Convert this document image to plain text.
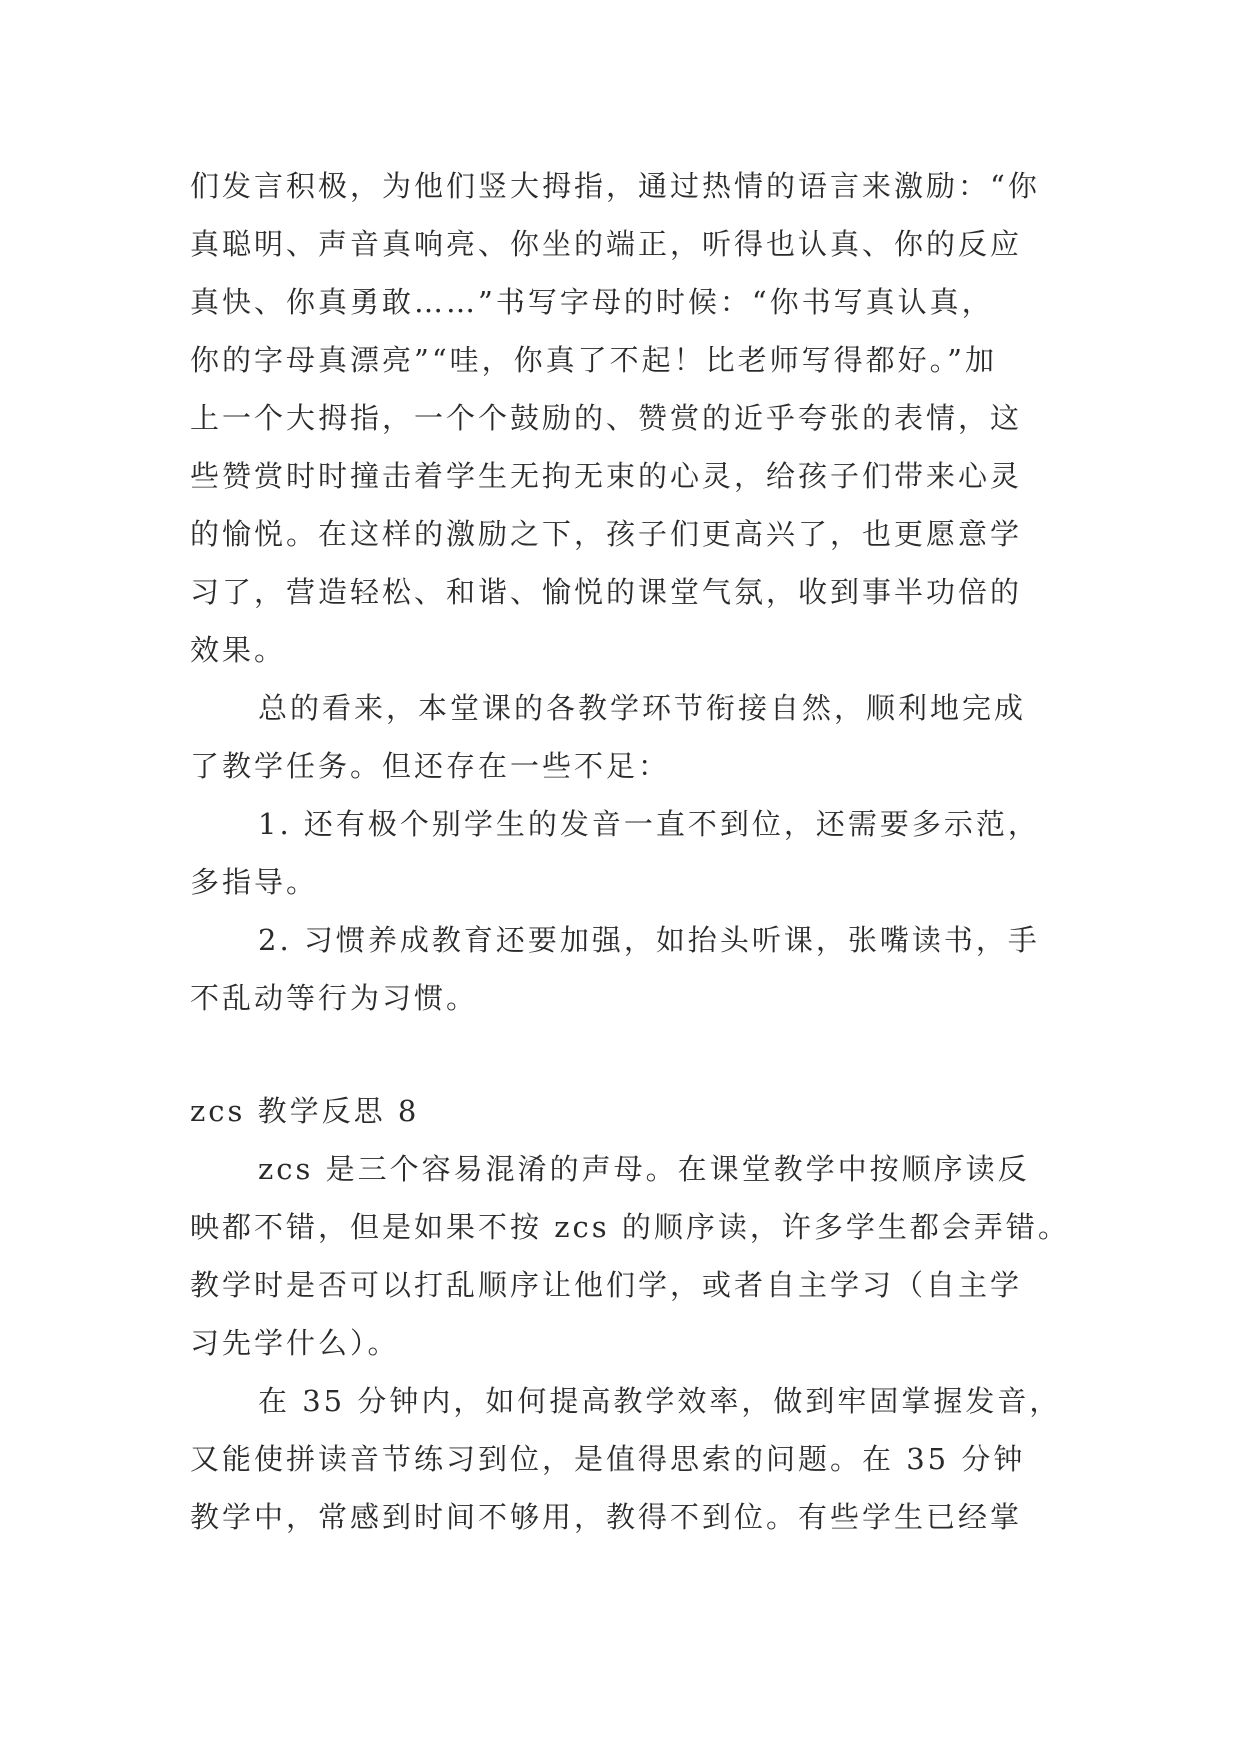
们发言积极，为他们竖大拇指，通过热情的语言来激励：“你
真聪明、声音真响亮、你坐的端正，听得也认真、你的反应
真快、你真勇敢……”书写字母的时候：“你书写真认真，
你的字母真漂亮”“哇，你真了不起！比老师写得都好。”加
上一个大拇指，一个个鼓励的、赞赏的近乎夸张的表情，这
些赞赏时时撞击着学生无拘无束的心灵，给孩子们带来心灵
的愉悦。在这样的激励之下，孩子们更高兴了，也更愿意学
习了，营造轻松、和谐、愉悦的课堂气氛，收到事半功倍的
效果。
总的看来，本堂课的各教学环节衔接自然，顺利地完成
了教学任务。但还存在一些不足：
1. 还有极个别学生的发音一直不到位，还需要多示范，
多指导。
2. 习惯养成教育还要加强，如抬头听课，张嘴读书，手
不乱动等行为习惯。
zcs 教学反思 8
zcs 是三个容易混淆的声母。在课堂教学中按顺序读反
映都不错，但是如果不按 zcs 的顺序读，许多学生都会弄错。
教学时是否可以打乱顺序让他们学，或者自主学习（自主学
习先学什么）。
在 35 分钟内，如何提高教学效率，做到牢固掌握发音，
又能使拼读音节练习到位，是值得思索的问题。在 35 分钟
教学中，常感到时间不够用，教得不到位。有些学生已经掌
